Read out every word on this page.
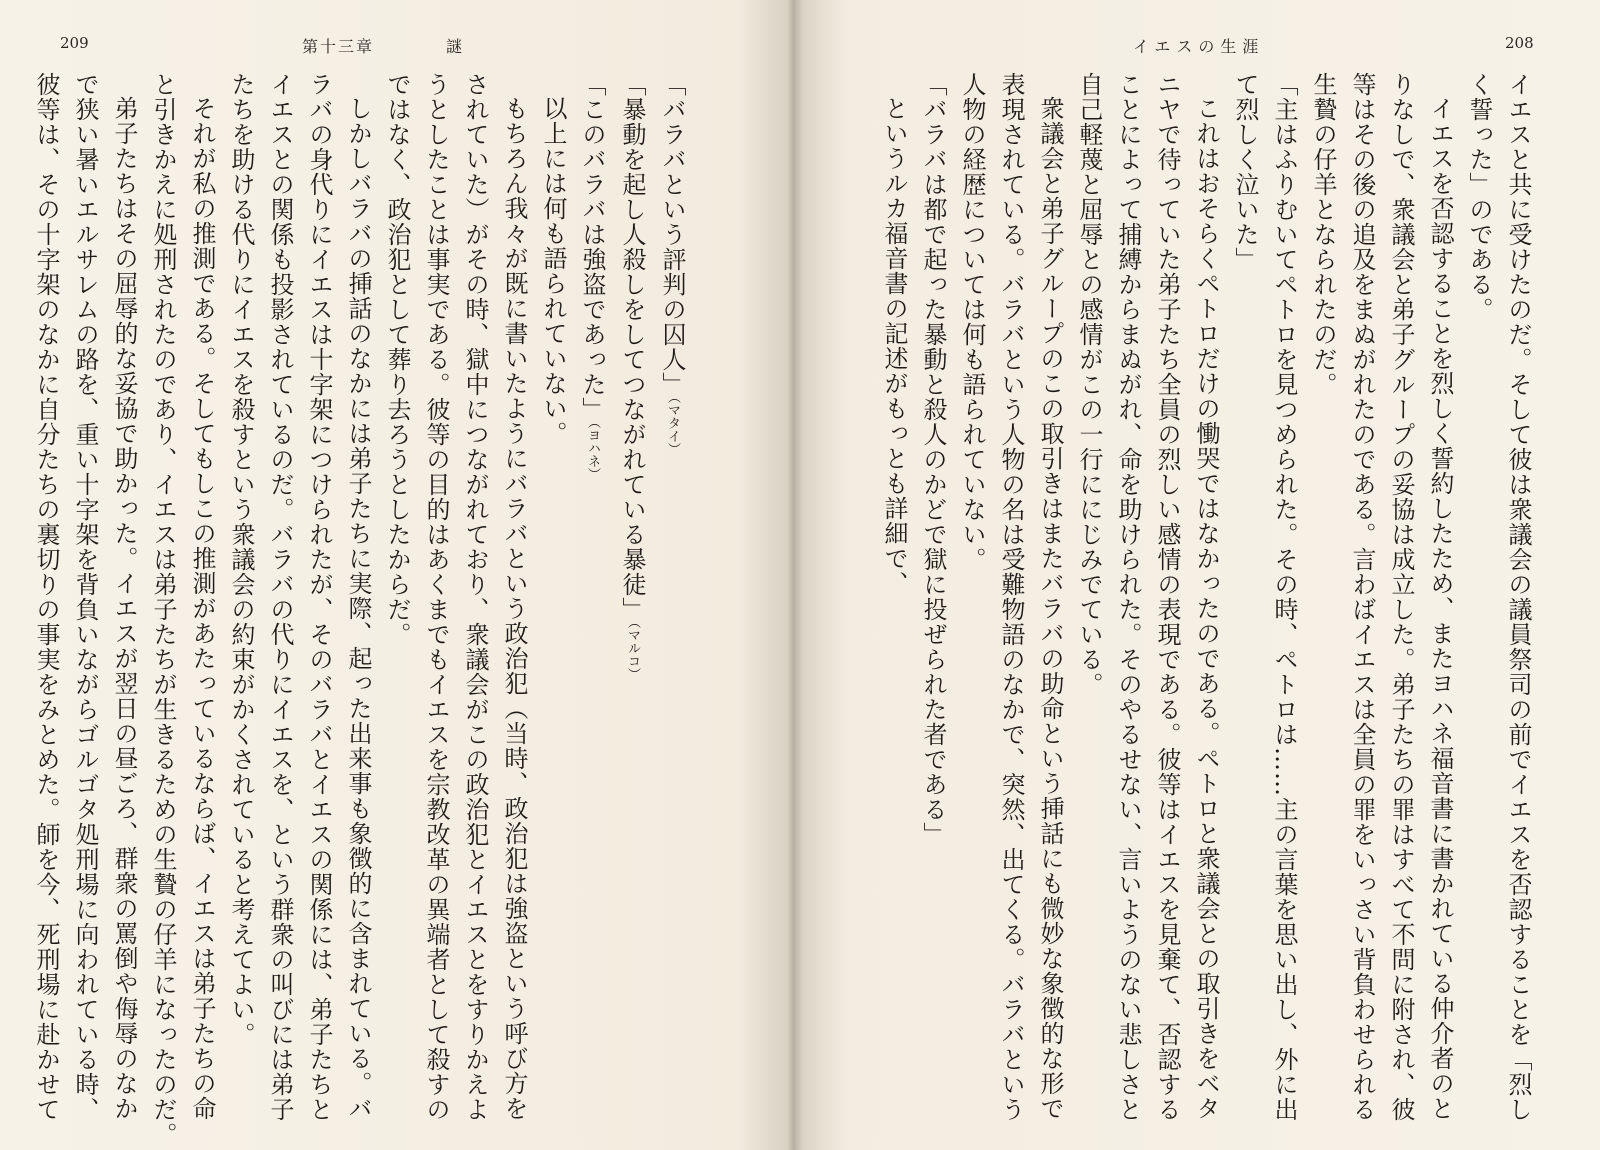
209	第十三章	謎
「バラバという評判の囚人」（マタイ）
「暴動を起し人殺しをしてつながれている暴徒」（マルコ）
「このバラバは強盗であった」（ヨハネ）
以上には何も語られていない。
もちろん我々が既に書いたようにバラバという政治犯（当時、政治犯は強盗という呼び方を
されていた）がその時、獄中につながれており、衆議会がこの政治犯とイエスとをすりかえよ
うとしたことは事実である。彼等の目的はあくまでもイエスを宗教改革の異端者として殺すの
ではなく、政治犯として葬り去ろうとしたからだ。
しかしバラバの挿話のなかには弟子たちに実際、起った出来事も象徴的に含まれている。バ
ラバの身代りにイエスは十字架につけられたが、そのバラバとイエスの関係には、弟子たちと
イエスとの関係も投影されているのだ。バラバの代りにイエスを、という群衆の叫びには弟子
たちを助ける代りにイエスを殺すという衆議会の約束がかくされていると考えてよい。
それが私の推測である。そしてもしこの推測があたっているならば、イエスは弟子たちの命
と引きかえに処刑されたのであり、イエスは弟子たちが生きるための生贄の仔羊になったのだ。
弟子たちはその屈辱的な妥協で助かった。イエスが翌日の昼ごろ、群衆の罵倒や侮辱のなか
で狭い暑いエルサレムの路を、重い十字架を背負いながらゴルゴタ処刑場に向われている時、
彼等は、その十字架のなかに自分たちの裏切りの事実をみとめた。師を今、死刑場に赴かせて
イエスの生涯	208
イエスと共に受けたのだ。そして彼は衆議会の議員祭司の前でイエスを否認することを「烈し
く誓った」のである。
イエスを否認することを烈しく誓約したため、またヨハネ福音書に書かれている仲介者のと
りなしで、衆議会と弟子グループの妥協は成立した。弟子たちの罪はすべて不問に附され、彼
等はその後の追及をまぬがれたのである。言わばイエスは全員の罪をいっさい背負わせられる
生贄の仔羊となられたのだ。
「主はふりむいてペトロを見つめられた。その時、ペトロは……主の言葉を思い出し、外に出
て烈しく泣いた」
これはおそらくペトロだけの慟哭ではなかったのである。ペトロと衆議会との取引きをベタ
ニヤで待っていた弟子たち全員の烈しい感情の表現である。彼等はイエスを見棄て、否認する
ことによって捕縛からまぬがれ、命を助けられた。そのやるせない、言いようのない悲しさと
自己軽蔑と屈辱との感情がこの一行ににじみでている。
衆議会と弟子グループのこの取引きはまたバラバの助命という挿話にも微妙な象徴的な形で
表現されている。バラバという人物の名は受難物語のなかで、突然、出てくる。バラバという
人物の経歴については何も語られていない。
「バラバは都で起った暴動と殺人のかどで獄に投ぜられた者である」
というルカ福音書の記述がもっとも詳細で、
